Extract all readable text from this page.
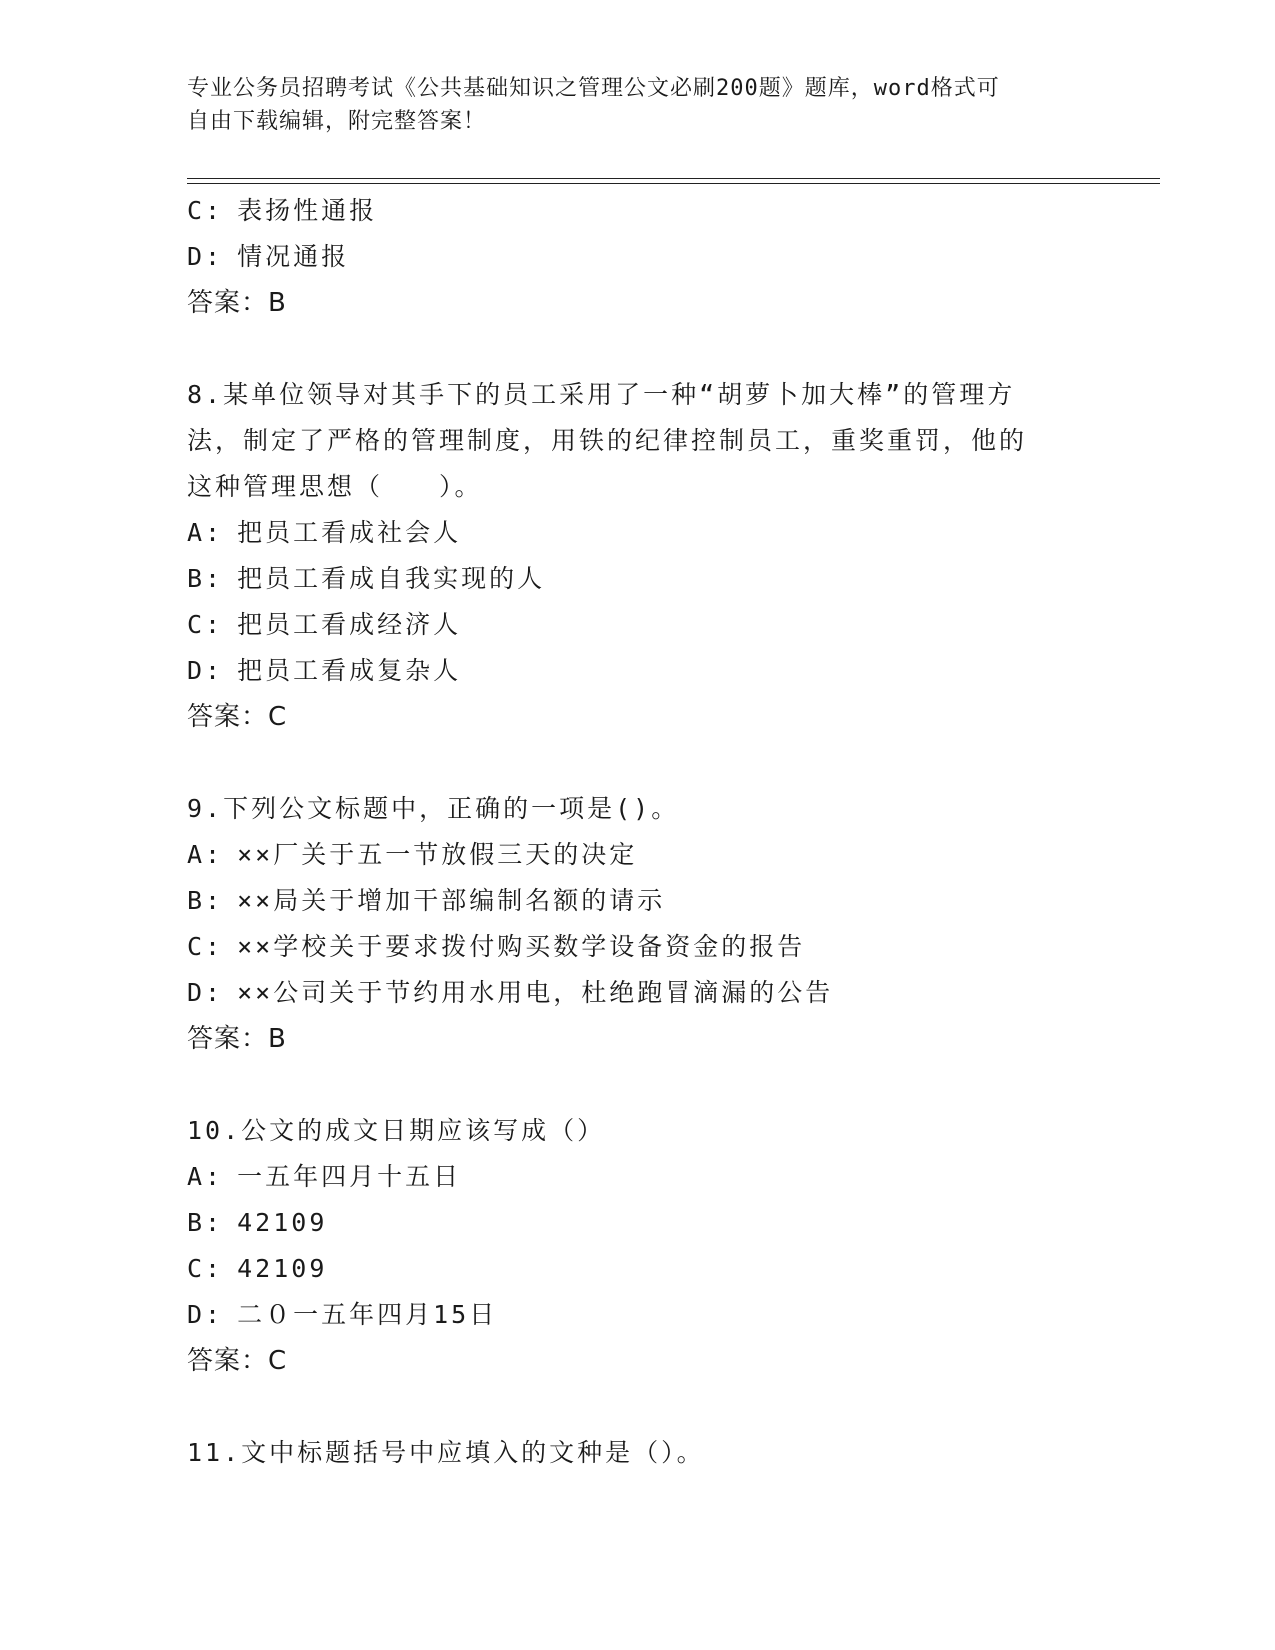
专业公务员招聘考试《公共基础知识之管理公文必刷200题》题库，word格式可
自由下载编辑，附完整答案！
C: 表扬性通报
D: 情况通报
答案：B
8.某单位领导对其手下的员工采用了一种“胡萝卜加大棒”的管理方
法，制定了严格的管理制度，用铁的纪律控制员工，重奖重罚，他的
这种管理思想（　　）。
A: 把员工看成社会人
B: 把员工看成自我实现的人
C: 把员工看成经济人
D: 把员工看成复杂人
答案：C
9.下列公文标题中，正确的一项是()。
A: ××厂关于五一节放假三天的决定
B: ××局关于增加干部编制名额的请示
C: ××学校关于要求拨付购买数学设备资金的报告
D: ××公司关于节约用水用电，杜绝跑冒滴漏的公告
答案：B
10.公文的成文日期应该写成（）
A: 一五年四月十五日
B: 42109
C: 42109
D: 二０一五年四月15日
答案：C
11.文中标题括号中应填入的文种是（）。
